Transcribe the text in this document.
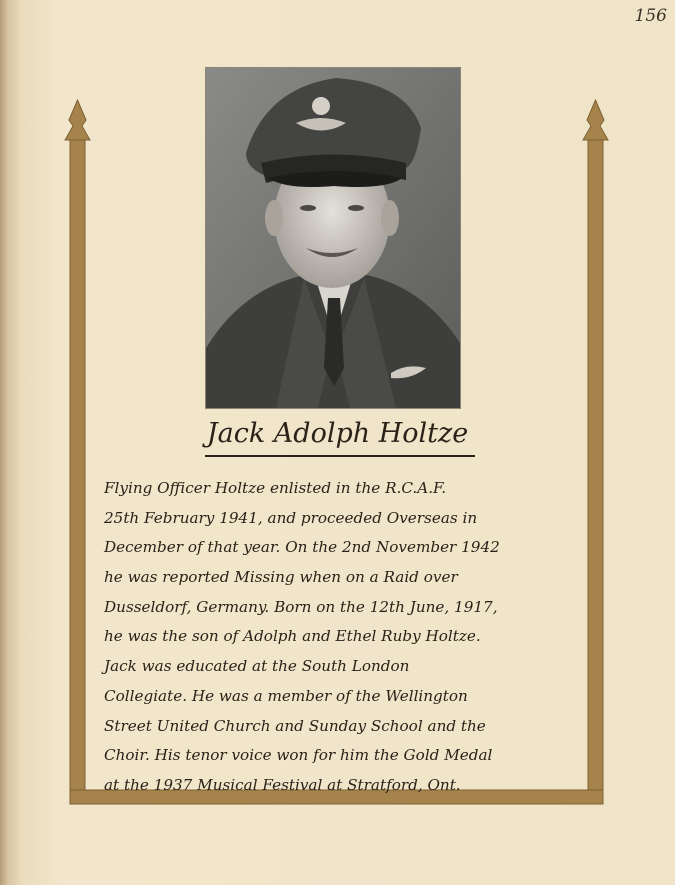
156
Jack Adolph Holtze
Flying Officer Holtze enlisted in the R.C.A.F.
25th February 1941, and proceeded Overseas in
December of that year. On the 2nd November 1942
he was reported Missing when on a Raid over
Dusseldorf, Germany. Born on the 12th June, 1917,
he was the son of Adolph and Ethel Ruby Holtze.
Jack was educated at the South London
Collegiate. He was a member of the Wellington
Street United Church and Sunday School and the
Choir. His tenor voice won for him the Gold Medal
at the 1937 Musical Festival at Stratford, Ont.
